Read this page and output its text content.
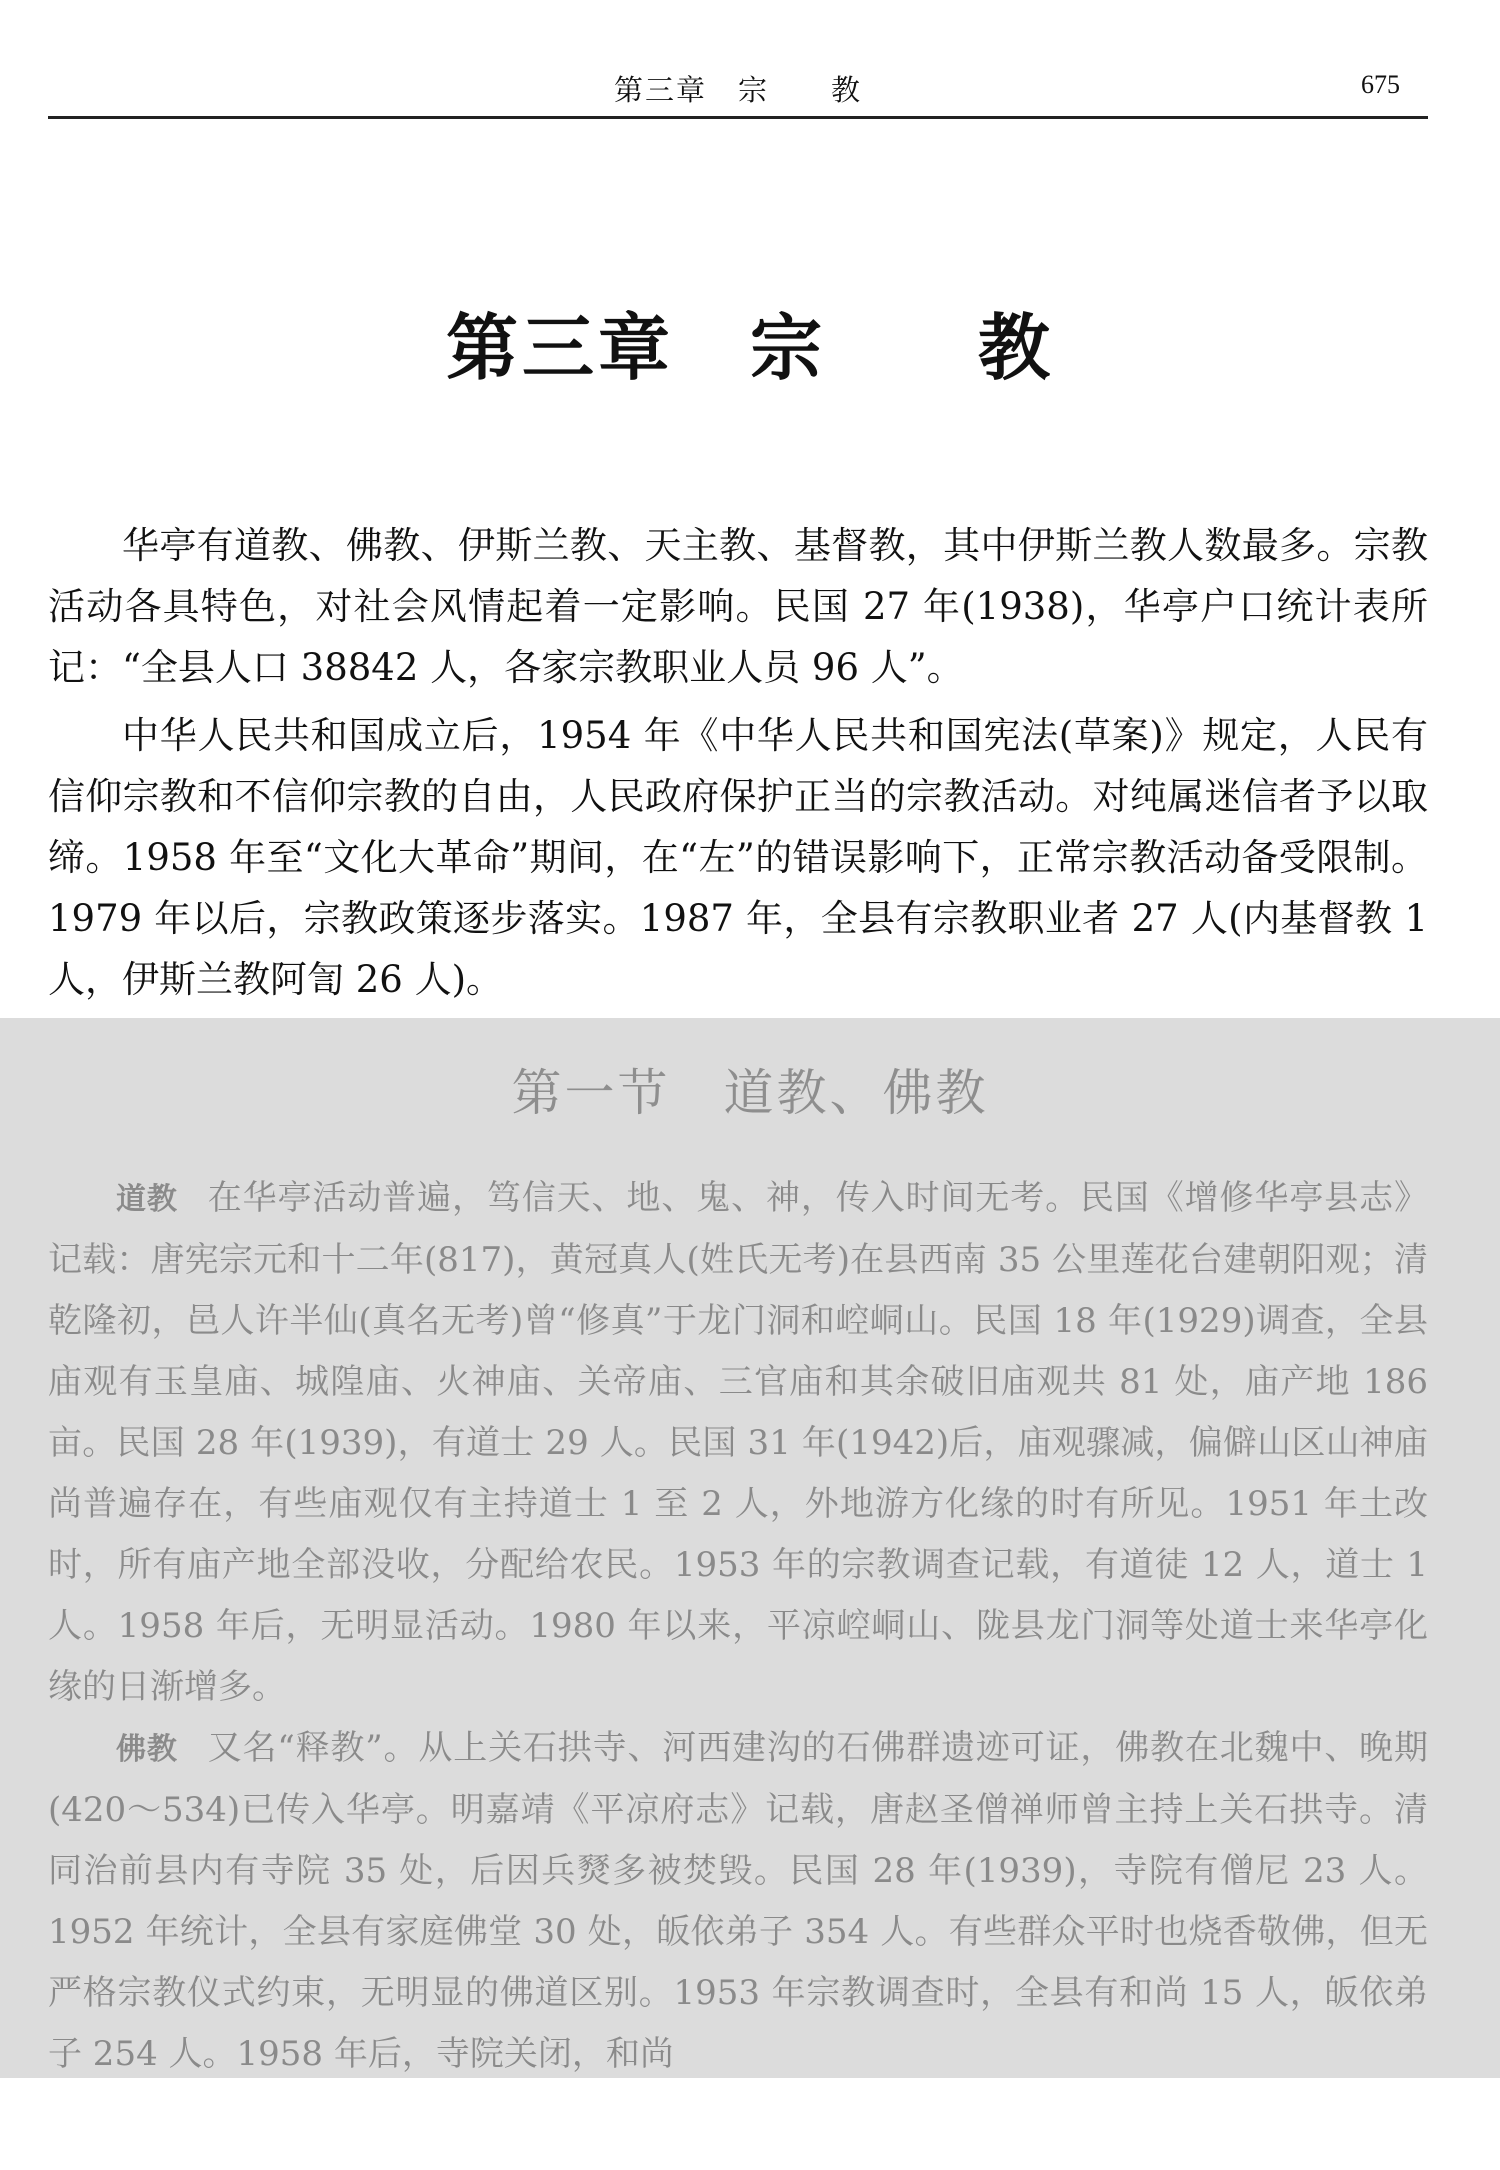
第三章　宗　　教	675
第三章　宗　　教

华亭有道教、佛教、伊斯兰教、天主教、基督教，其中伊斯兰教人数最多。宗教活动各具特色，对社会风情起着一定影响。民国 27 年(1938)，华亭户口统计表所记：“全县人口 38842 人，各家宗教职业人员 96 人”。

中华人民共和国成立后，1954 年《中华人民共和国宪法(草案)》规定，人民有信仰宗教和不信仰宗教的自由，人民政府保护正当的宗教活动。对纯属迷信者予以取缔。1958 年至“文化大革命”期间，在“左”的错误影响下，正常宗教活动备受限制。1979 年以后，宗教政策逐步落实。1987 年，全县有宗教职业者 27 人(内基督教 1 人，伊斯兰教阿訇 26 人)。

第一节　道教、佛教

道教 在华亭活动普遍，笃信天、地、鬼、神，传入时间无考。民国《增修华亭县志》记载：唐宪宗元和十二年(817)，黄冠真人(姓氏无考)在县西南 35 公里莲花台建朝阳观；清乾隆初，邑人许半仙(真名无考)曾“修真”于龙门洞和崆峒山。民国 18 年(1929)调查，全县庙观有玉皇庙、城隍庙、火神庙、关帝庙、三官庙和其余破旧庙观共 81 处，庙产地 186 亩。民国 28 年(1939)，有道士 29 人。民国 31 年(1942)后，庙观骤减，偏僻山区山神庙尚普遍存在，有些庙观仅有主持道士 1 至 2 人，外地游方化缘的时有所见。1951 年土改时，所有庙产地全部没收，分配给农民。1953 年的宗教调查记载，有道徒 12 人，道士 1 人。1958 年后，无明显活动。1980 年以来，平凉崆峒山、陇县龙门洞等处道士来华亭化缘的日渐增多。

佛教 又名“释教”。从上关石拱寺、河西建沟的石佛群遗迹可证，佛教在北魏中、晚期(420～534)已传入华亭。明嘉靖《平凉府志》记载，唐赵圣僧禅师曾主持上关石拱寺。清同治前县内有寺院 35 处，后因兵燹多被焚毁。民国 28 年(1939)，寺院有僧尼 23 人。1952 年统计，全县有家庭佛堂 30 处，皈依弟子 354 人。有些群众平时也烧香敬佛，但无严格宗教仪式约束，无明显的佛道区别。1953 年宗教调查时，全县有和尚 15 人，皈依弟子 254 人。1958 年后，寺院关闭，和尚
